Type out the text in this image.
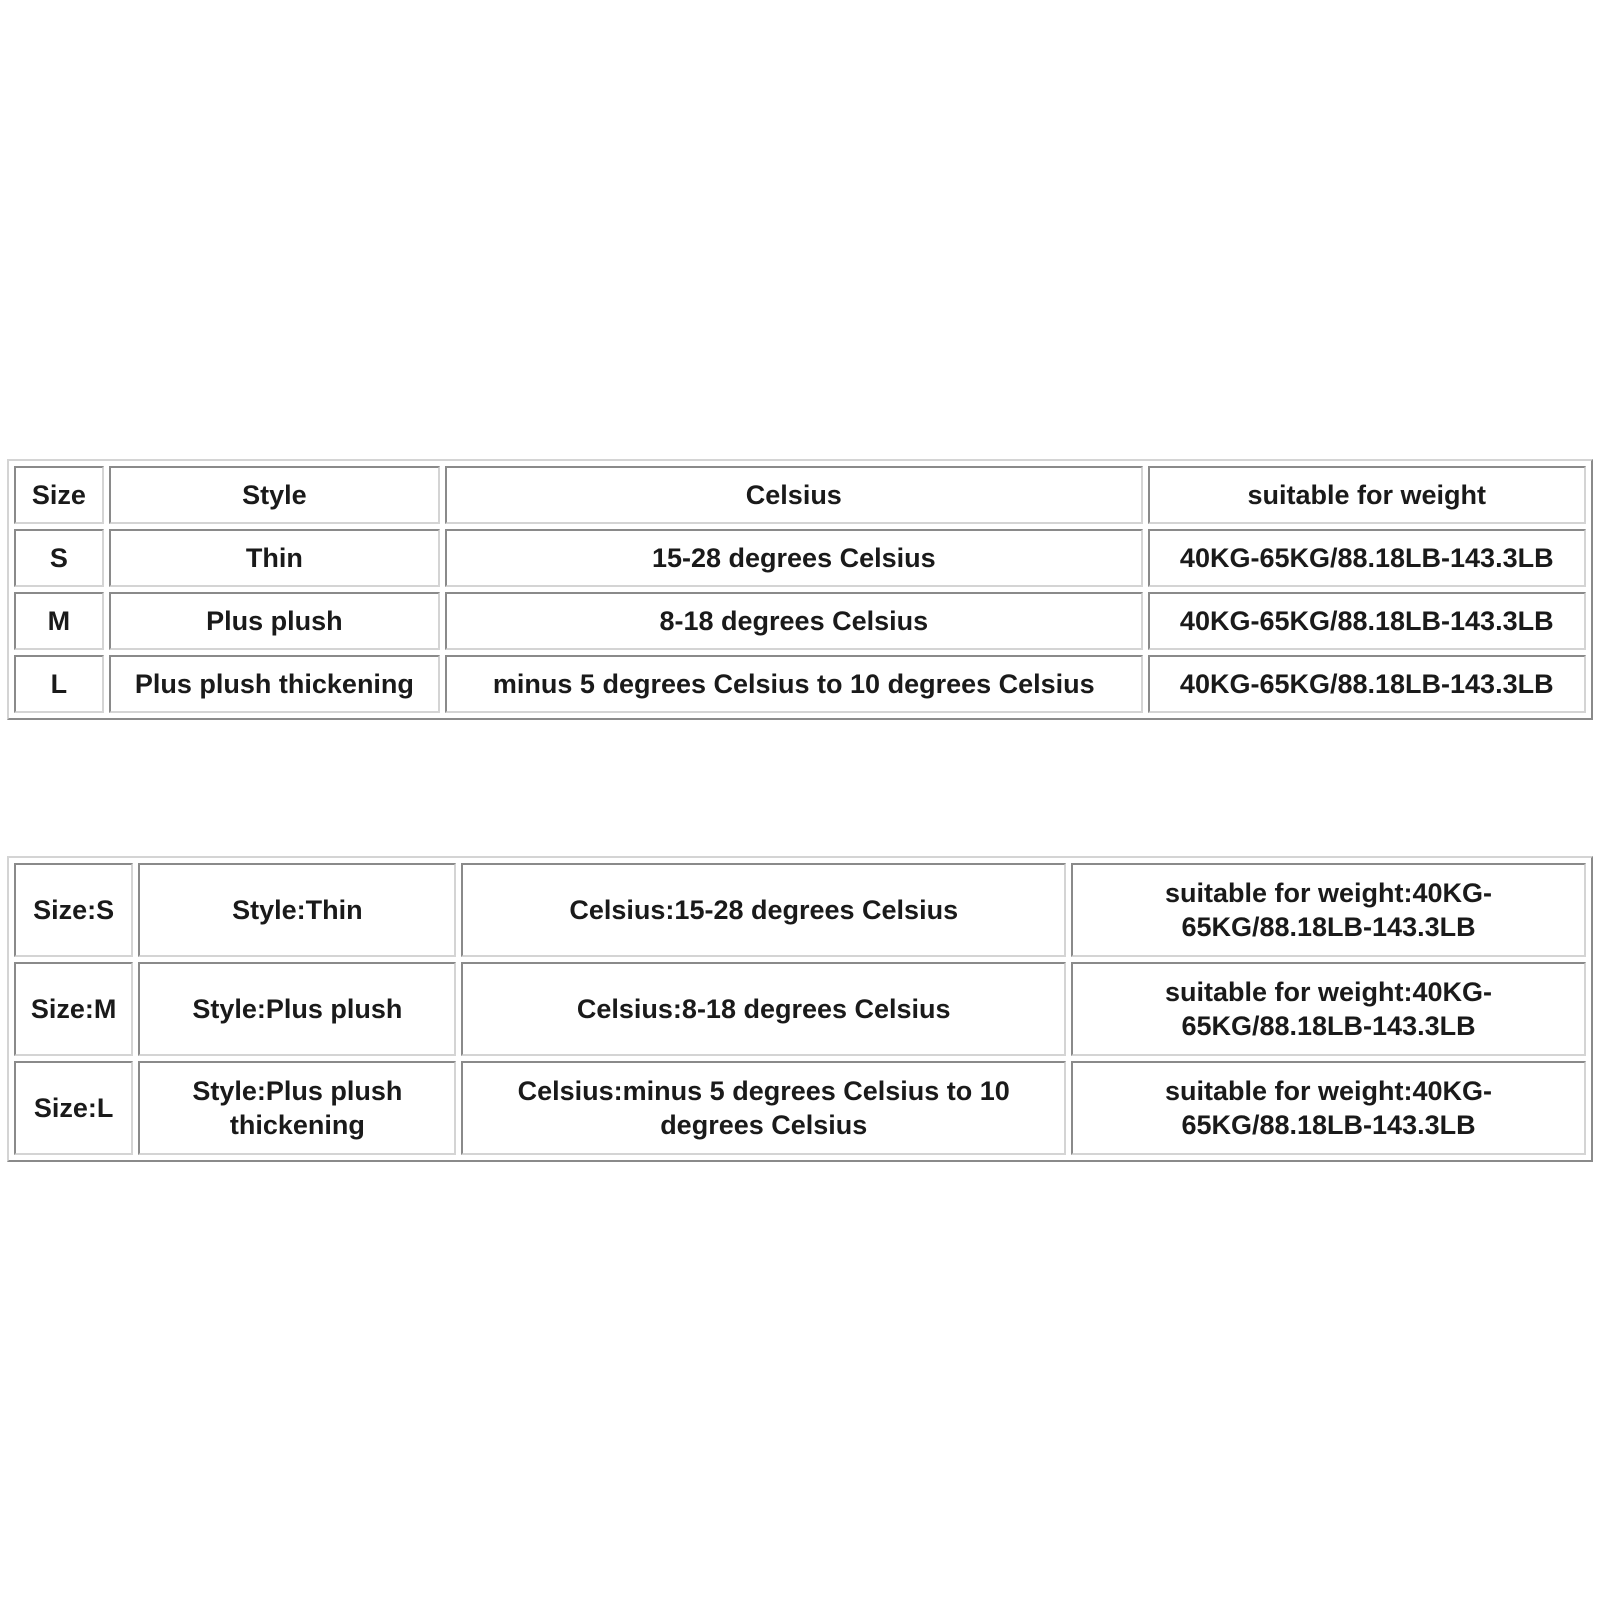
Size	Style	Celsius	suitable for weight
S	Thin	15-28 degrees Celsius	40KG-65KG/88.18LB-143.3LB
M	Plus plush	8-18 degrees Celsius	40KG-65KG/88.18LB-143.3LB
L	Plus plush thickening	minus 5 degrees Celsius to 10 degrees Celsius	40KG-65KG/88.18LB-143.3LB
Size:S	Style:Thin	Celsius:15-28 degrees Celsius	suitable for weight:40KG-65KG/88.18LB-143.3LB
Size:M	Style:Plus plush	Celsius:8-18 degrees Celsius	suitable for weight:40KG-65KG/88.18LB-143.3LB
Size:L	Style:Plus plush thickening	Celsius:minus 5 degrees Celsius to 10 degrees Celsius	suitable for weight:40KG-65KG/88.18LB-143.3LB
